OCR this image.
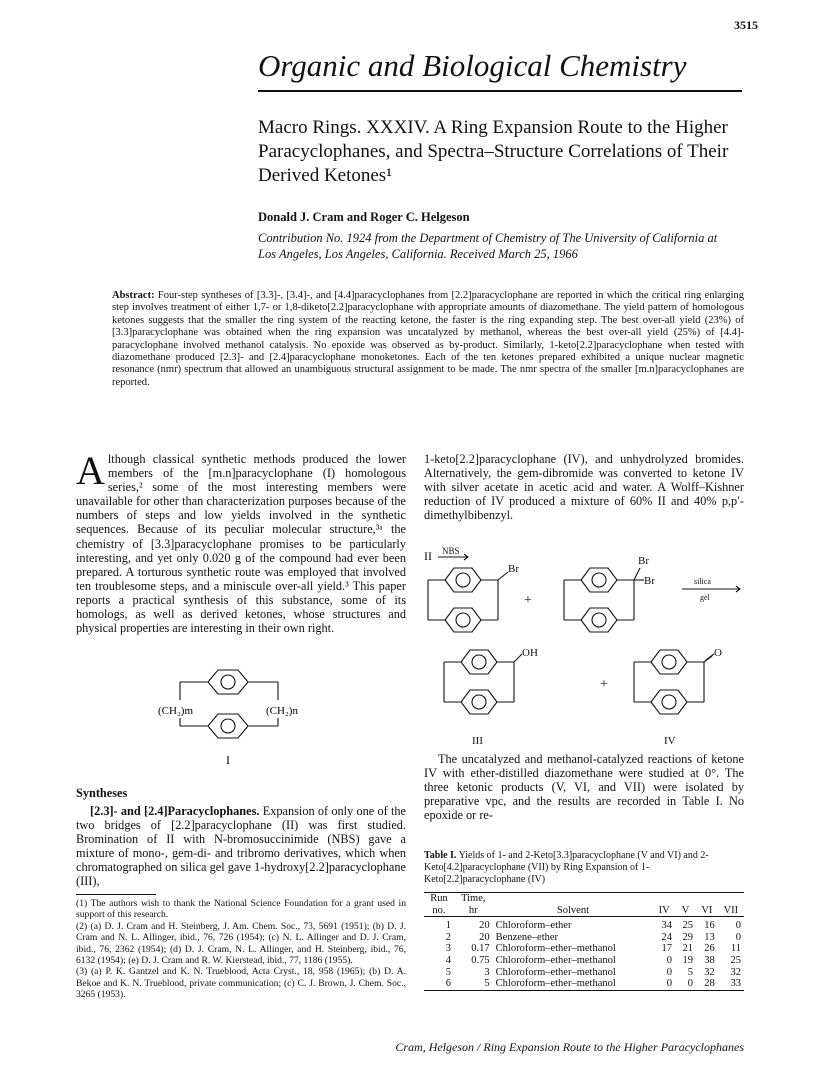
3515
Organic and Biological Chemistry
Macro Rings. XXXIV. A Ring Expansion Route to the Higher Paracyclophanes, and Spectra–Structure Correlations of Their Derived Ketones¹
Donald J. Cram and Roger C. Helgeson
Contribution No. 1924 from the Department of Chemistry of The University of California at Los Angeles, Los Angeles, California. Received March 25, 1966
Abstract: Four-step syntheses of [3.3]-, [3.4]-, and [4.4]paracyclophanes from [2.2]paracyclophane are reported in which the critical ring enlarging step involves treatment of either 1,7- or 1,8-diketo[2.2]paracyclophane with appropriate amounts of diazomethane. The yield pattern of homologous ketones suggests that the smaller the ring system of the reacting ketone, the faster is the ring expanding step. The best over-all yield (23%) of [3.3]paracyclophane was obtained when the ring expansion was uncatalyzed by methanol, whereas the best over-all yield (25%) of [4.4]-paracyclophane involved methanol catalysis. No epoxide was observed as by-product. Similarly, 1-keto[2.2]paracyclophane when tested with diazomethane produced [2.3]- and [2.4]paracyclophane monoketones. Each of the ten ketones prepared exhibited a unique nuclear magnetic resonance (nmr) spectrum that allowed an unambiguous structural assignment to be made. The nmr spectra of the smaller [m.n]paracyclophanes are reported.
Although classical synthetic methods produced the lower members of the [m.n]paracyclophane (I) homologous series,² some of the most interesting members were unavailable for other than characterization purposes because of the numbers of steps and low yields involved in the synthetic sequences. Because of its peculiar molecular structure,³ᵃ the chemistry of [3.3]paracyclophane promises to be particularly interesting, and yet only 0.020 g of the compound had ever been prepared. A torturous synthetic route was employed that involved ten troublesome steps, and a miniscule over-all yield.³ This paper reports a practical synthesis of this substance, some of its homologs, as well as derived ketones, whose structures and physical properties are interesting in their own right.
(CH₂)m	(CH₂)n
I
Syntheses
[2.3]- and [2.4]Paracyclophanes. Expansion of only one of the two bridges of [2.2]paracyclophane (II) was first studied. Bromination of II with N-bromosuccinimide (NBS) gave a mixture of mono-, gem-di- and tribromo derivatives, which when chromatographed on silica gel gave 1-hydroxy[2.2]paracyclophane (III),
(1) The authors wish to thank the National Science Foundation for a grant used in support of this research.
(2) (a) D. J. Cram and H. Steinberg, J. Am. Chem. Soc., 73, 5691 (1951); (b) D. J. Cram and N. L. Allinger, ibid., 76, 726 (1954); (c) N. L. Allinger and D. J. Cram, ibid., 76, 2362 (1954); (d) D. J. Cram, N. L. Allinger, and H. Steinberg, ibid., 76, 6132 (1954); (e) D. J. Cram and R. W. Kierstead, ibid., 77, 1186 (1955).
(3) (a) P. K. Gantzel and K. N. Trueblood, Acta Cryst., 18, 958 (1965); (b) D. A. Bekoe and K. N. Trueblood, private communication; (c) C. J. Brown, J. Chem. Soc., 3265 (1953).
1-keto[2.2]paracyclophane (IV), and unhydrolyzed bromides. Alternatively, the gem-dibromide was converted to ketone IV with silver acetate in acetic acid and water. A Wolff–Kishner reduction of IV produced a mixture of 60% II and 40% p,p′-dimethylbibenzyl.
II NBS
Br
Br
Br
+
silica
gel
OH
+
O
III	IV
The uncatalyzed and methanol-catalyzed reactions of ketone IV with ether-distilled diazomethane were studied at 0°. The three ketonic products (V, VI, and VII) were isolated by preparative vpc, and the results are recorded in Table I. No epoxide or re-
Table I. Yields of 1- and 2-Keto[3.3]paracyclophane (V and VI) and 2-Keto[4.2]paracyclophane (VII) by Ring Expansion of 1-Keto[2.2]paracyclophane (IV)
Run	Time,					
no.	hr	Solvent	IV	V	VI	VII
1	20	Chloroform–ether	34	25	16	0
2	20	Benzene–ether	24	29	13	0
3	0.17	Chloroform–ether–methanol	17	21	26	11
4	0.75	Chloroform–ether–methanol	0	19	38	25
5	3	Chloroform–ether–methanol	0	5	32	32
6	5	Chloroform–ether–methanol	0	0	28	33
Cram, Helgeson / Ring Expansion Route to the Higher Paracyclophanes
